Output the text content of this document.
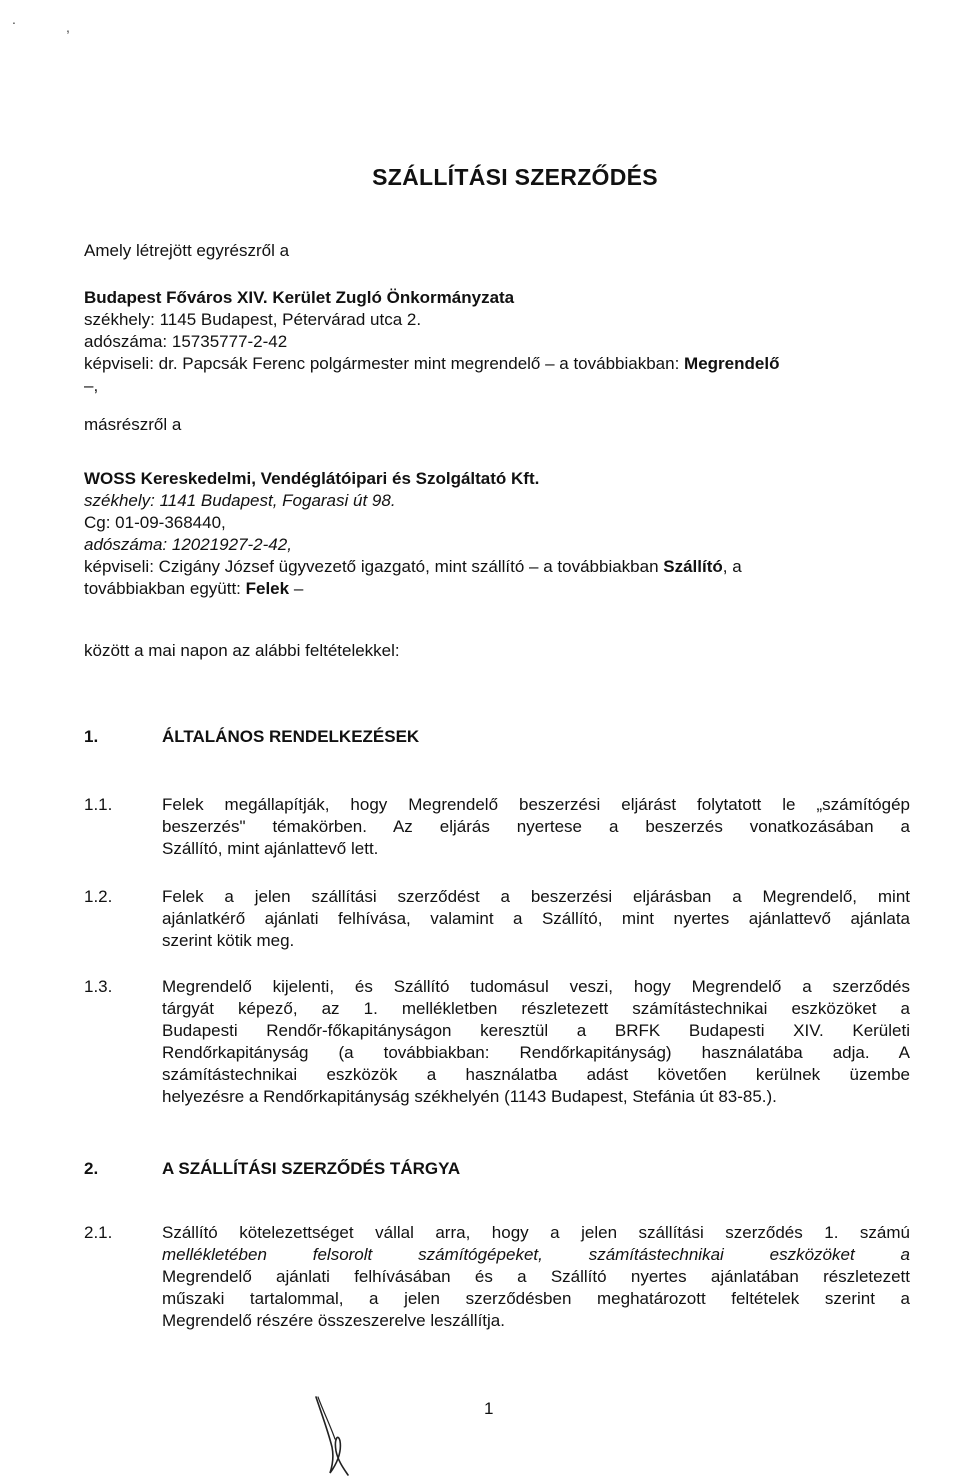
.	,
SZÁLLÍTÁSI SZERZŐDÉS
Amely létrejött egyrészről a
Budapest Főváros XIV. Kerület Zugló Önkormányzata
székhely: 1145 Budapest, Pétervárad utca 2.
adószáma: 15735777-2-42
képviseli: dr. Papcsák Ferenc polgármester mint megrendelő – a továbbiakban: Megrendelő
–,
másrészről a
WOSS Kereskedelmi, Vendéglátóipari és Szolgáltató Kft.
székhely: 1141 Budapest, Fogarasi út 98.
Cg: 01-09-368440,
adószáma: 12021927-2-42,
képviseli: Czigány József ügyvezető igazgató, mint szállító – a továbbiakban Szállító, a
továbbiakban együtt: Felek –
között a mai napon az alábbi feltételekkel:
1.	ÁLTALÁNOS RENDELKEZÉSEK
1.1.	Felek megállapítják, hogy Megrendelő beszerzési eljárást folytatott le „számítógép
beszerzés" témakörben. Az eljárás nyertese a beszerzés vonatkozásában a
Szállító, mint ajánlattevő lett.
1.2.	Felek a jelen szállítási szerződést a beszerzési eljárásban a Megrendelő, mint
ajánlatkérő ajánlati felhívása, valamint a Szállító, mint nyertes ajánlattevő ajánlata
szerint kötik meg.
1.3.	Megrendelő kijelenti, és Szállító tudomásul veszi, hogy Megrendelő a szerződés
tárgyát képező, az 1. mellékletben részletezett számítástechnikai eszközöket a
Budapesti Rendőr-főkapitányságon keresztül a BRFK Budapesti XIV. Kerületi
Rendőrkapitányság (a továbbiakban: Rendőrkapitányság) használatába adja. A
számítástechnikai eszközök a használatba adást követően kerülnek üzembe
helyezésre a Rendőrkapitányság székhelyén (1143 Budapest, Stefánia út 83-85.).
2.	A SZÁLLÍTÁSI SZERZŐDÉS TÁRGYA
2.1.	Szállító kötelezettséget vállal arra, hogy a jelen szállítási szerződés 1. számú
mellékletében felsorolt számítógépeket, számítástechnikai eszközöket a
Megrendelő ajánlati felhívásában és a Szállító nyertes ajánlatában részletezett
műszaki tartalommal, a jelen szerződésben meghatározott feltételek szerint a
Megrendelő részére összeszerelve leszállítja.
1
